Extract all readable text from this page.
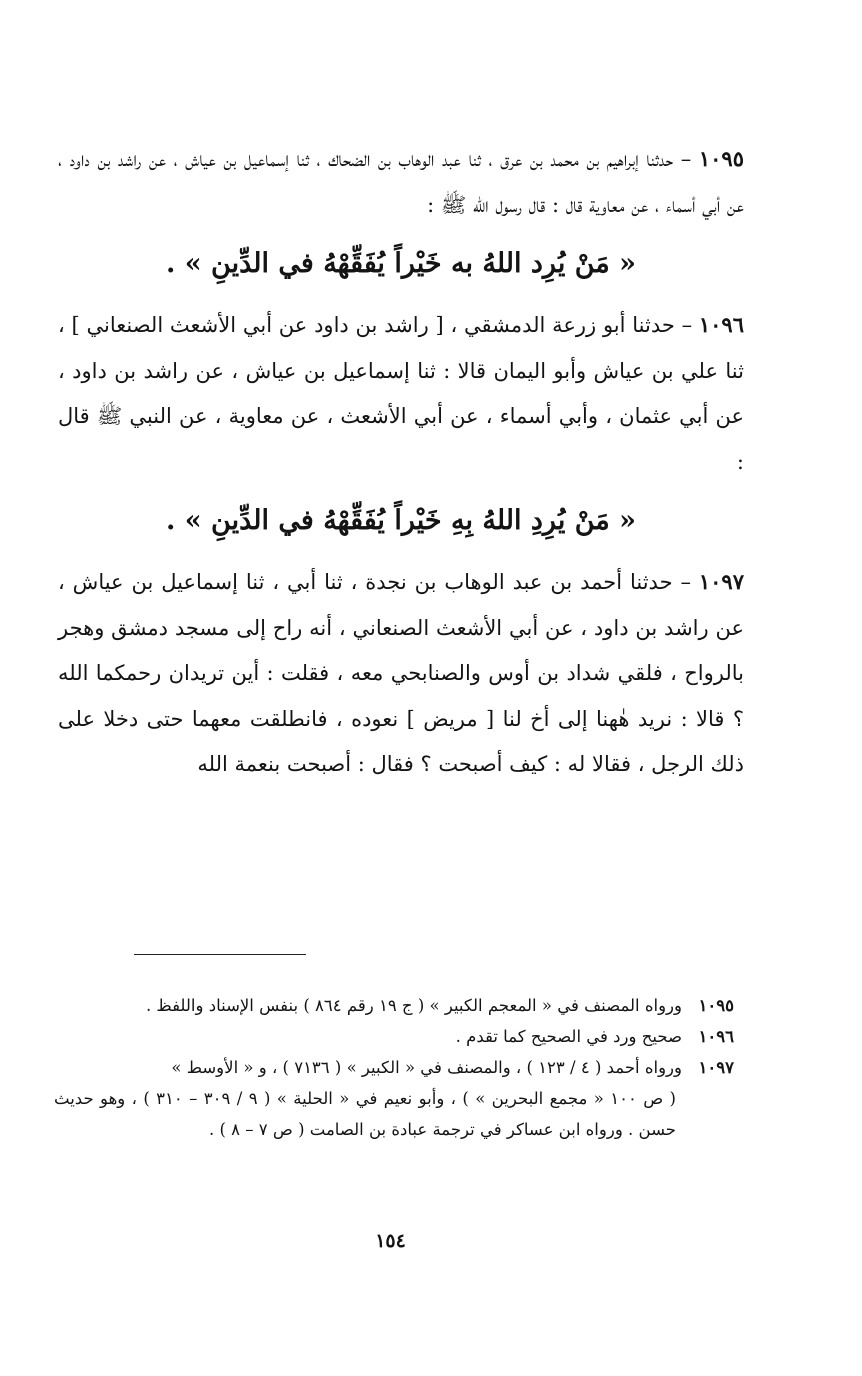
١٠٩٥ – حدثنا إبراهيم بن محمد بن عرق ، ثنا عبد الوهاب بن الضحاك ، ثنا إسماعيل بن عياش ، عن راشد بن داود ، عن أبي أسماء ، عن معاوية قال : قال رسول الله ﷺ :

« مَنْ يُرِد اللهُ به خَيْراً يُفَقِّهْهُ في الدِّينِ » .

١٠٩٦ – حدثنا أبو زرعة الدمشقي ، [ راشد بن داود عن أبي الأشعث الصنعاني ] ، ثنا علي بن عياش وأبو اليمان قالا : ثنا إسماعيل بن عياش ، عن راشد بن داود ، عن أبي عثمان ، وأبي أسماء ، عن أبي الأشعث ، عن معاوية ، عن النبي ﷺ قال :

« مَنْ يُرِدِ اللهُ بِهِ خَيْراً يُفَقِّهْهُ في الدِّينِ » .

١٠٩٧ – حدثنا أحمد بن عبد الوهاب بن نجدة ، ثنا أبي ، ثنا إسماعيل بن عياش ، عن راشد بن داود ، عن أبي الأشعث الصنعاني ، أنه راح إلى مسجد دمشق وهجر بالرواح ، فلقي شداد بن أوس والصنابحي معه ، فقلت : أين تريدان رحمكما الله ؟ قالا : نريد هٰهنا إلى أخ لنا [ مريض ] نعوده ، فانطلقت معهما حتى دخلا على ذلك الرجل ، فقالا له : كيف أصبحت ؟ فقال : أصبحت بنعمة الله

١٠٩٥ورواه المصنف في « المعجم الكبير » ( ج ١٩ رقم ٨٦٤ ) بنفس الإسناد واللفظ .

١٠٩٦صحيح ورد في الصحيح كما تقدم .

١٠٩٧ورواه أحمد ( ٤ / ١٢٣ ) ، والمصنف في « الكبير » ( ٧١٣٦ ) ، و « الأوسط »
( ص ١٠٠ « مجمع البحرين » ) ، وأبو نعيم في « الحلية » ( ٩ / ٣٠٩ – ٣١٠ ) ، وهو حديث حسن . ورواه ابن عساكر في ترجمة عبادة بن الصامت ( ص ٧ – ٨ ) .

١٥٤
